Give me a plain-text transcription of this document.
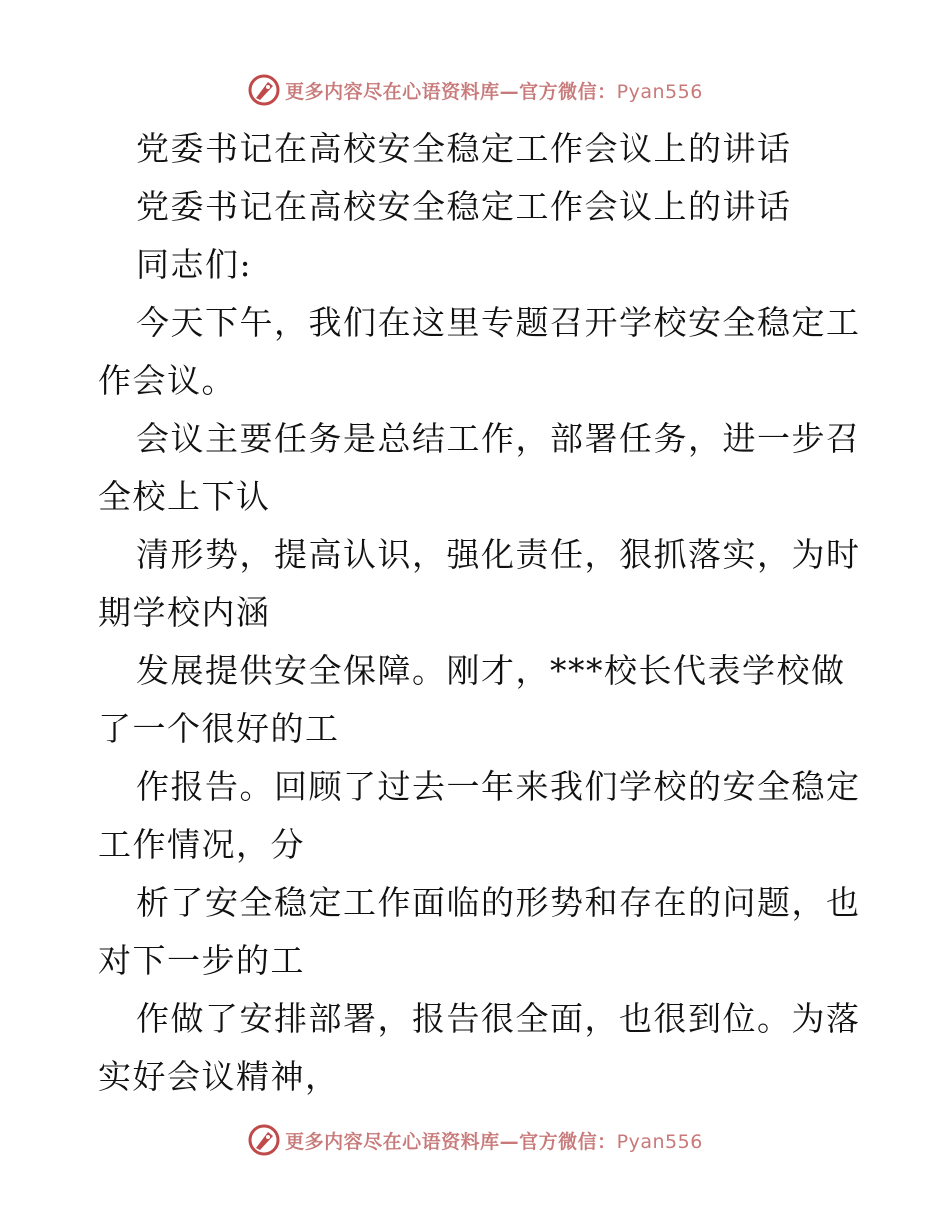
更多内容尽在心语资料库—官方微信：Pyan556
党委书记在高校安全稳定工作会议上的讲话
党委书记在高校安全稳定工作会议上的讲话
同志们:
今天下午，我们在这里专题召开学校安全稳定工
作会议。
会议主要任务是总结工作，部署任务，进一步召
全校上下认
清形势，提高认识，强化责任，狠抓落实，为时
期学校内涵
发展提供安全保障。刚才，***校长代表学校做
了一个很好的工
作报告。回顾了过去一年来我们学校的安全稳定
工作情况，分
析了安全稳定工作面临的形势和存在的问题，也
对下一步的工
作做了安排部署，报告很全面，也很到位。为落
实好会议精神，
更多内容尽在心语资料库—官方微信：Pyan556
